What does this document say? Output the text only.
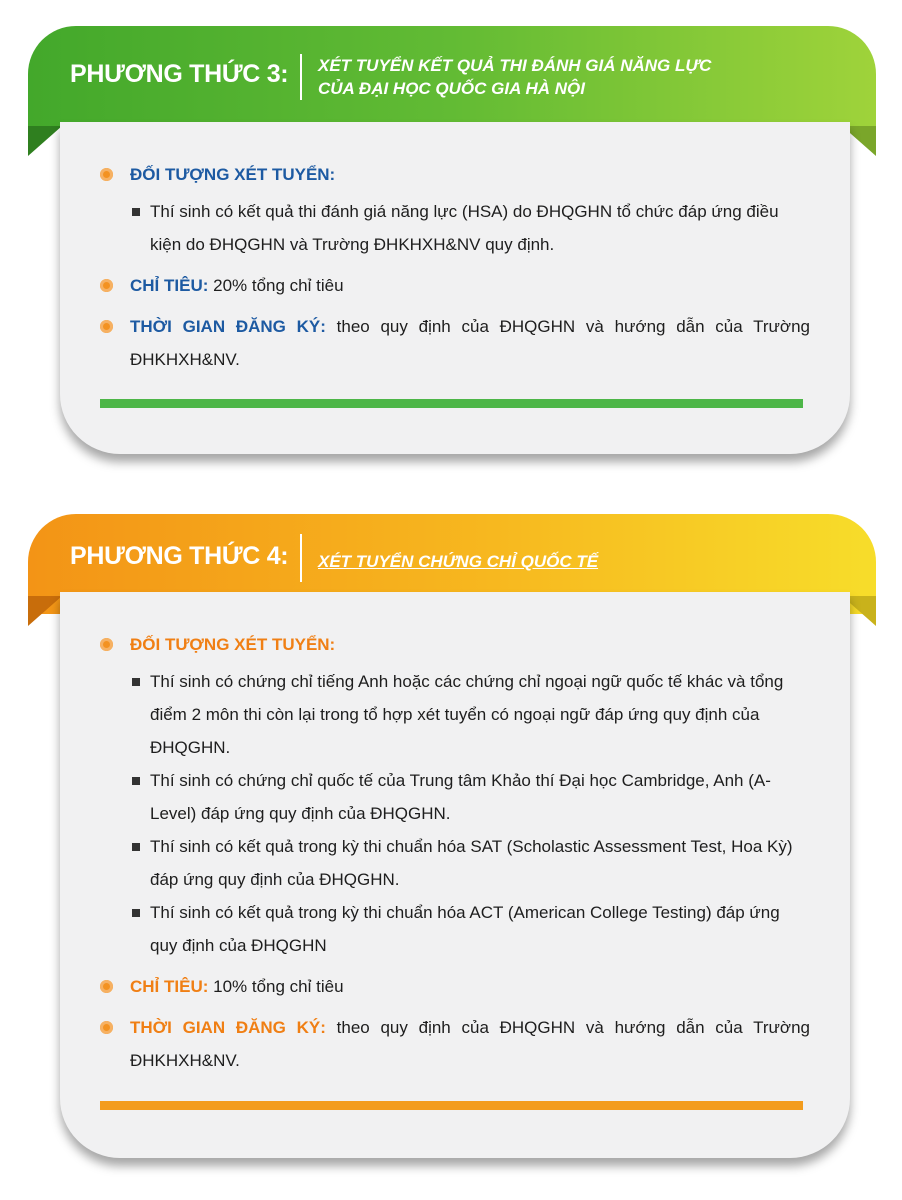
PHƯƠNG THỨC 3: XÉT TUYỂN KẾT QUẢ THI ĐÁNH GIÁ NĂNG LỰC
CỦA ĐẠI HỌC QUỐC GIA HÀ NỘI
ĐỐI TƯỢNG XÉT TUYỂN:
Thí sinh có kết quả thi đánh giá năng lực (HSA) do ĐHQGHN tổ chức đáp ứng điều kiện do ĐHQGHN và Trường ĐHKHXH&NV quy định.
CHỈ TIÊU: 20% tổng chỉ tiêu
THỜI GIAN ĐĂNG KÝ: theo quy định của ĐHQGHN và hướng dẫn của Trường ĐHKHXH&NV.
PHƯƠNG THỨC 4: XÉT TUYỂN CHỨNG CHỈ QUỐC TẾ
ĐỐI TƯỢNG XÉT TUYỂN:
Thí sinh có chứng chỉ tiếng Anh hoặc các chứng chỉ ngoại ngữ quốc tế khác và tổng điểm 2 môn thi còn lại trong tổ hợp xét tuyển có ngoại ngữ đáp ứng quy định của ĐHQGHN.
Thí sinh có chứng chỉ quốc tế của Trung tâm Khảo thí Đại học Cambridge, Anh (A-Level) đáp ứng quy định của ĐHQGHN.
Thí sinh có kết quả trong kỳ thi chuẩn hóa SAT (Scholastic Assessment Test, Hoa Kỳ) đáp ứng quy định của ĐHQGHN.
Thí sinh có kết quả trong kỳ thi chuẩn hóa ACT (American College Testing) đáp ứng quy định của ĐHQGHN
CHỈ TIÊU: 10% tổng chỉ tiêu
THỜI GIAN ĐĂNG KÝ: theo quy định của ĐHQGHN và hướng dẫn của Trường ĐHKHXH&NV.
